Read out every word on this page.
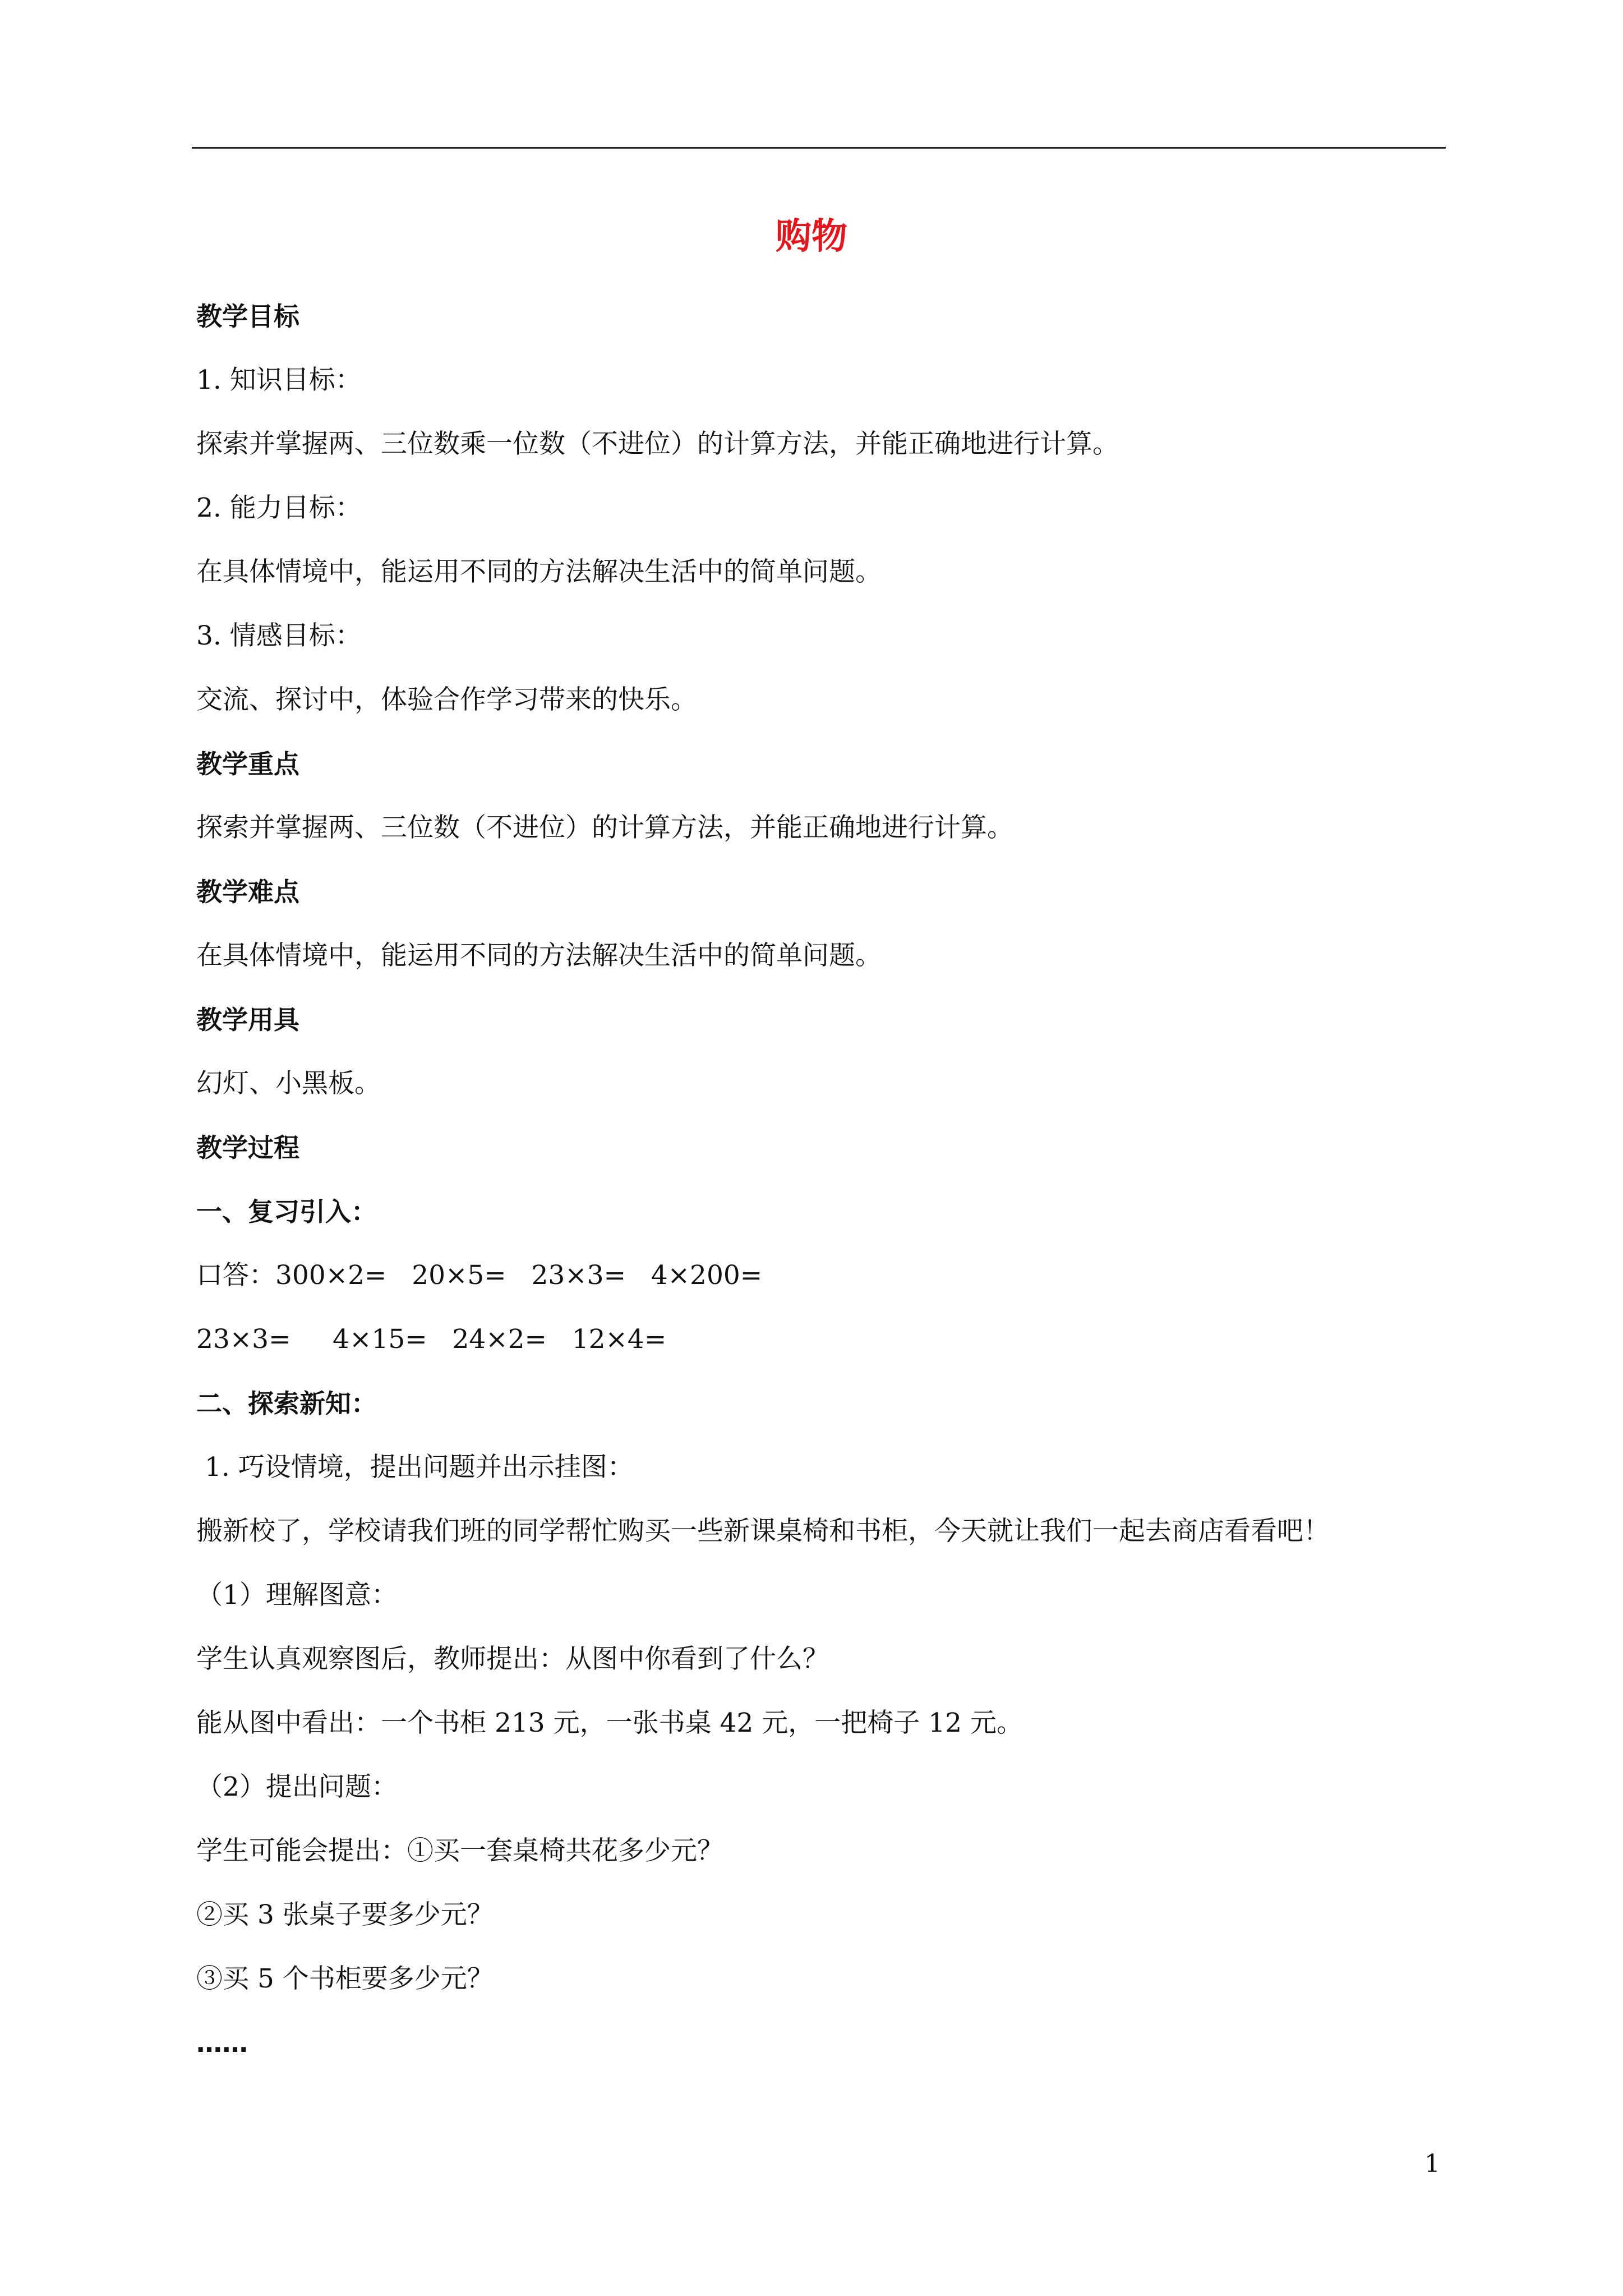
购物
教学目标
1. 知识目标：
探索并掌握两、三位数乘一位数（不进位）的计算方法，并能正确地进行计算。
2. 能力目标：
在具体情境中，能运用不同的方法解决生活中的简单问题。
3. 情感目标：
交流、探讨中，体验合作学习带来的快乐。
教学重点
探索并掌握两、三位数（不进位）的计算方法，并能正确地进行计算。
教学难点
在具体情境中，能运用不同的方法解决生活中的简单问题。
教学用具
幻灯、小黑板。
教学过程
一、复习引入：
口答：300×2=   20×5=   23×3=   4×200=
23×3=     4×15=   24×2=   12×4=
二、探索新知：
1. 巧设情境，提出问题并出示挂图：
搬新校了，学校请我们班的同学帮忙购买一些新课桌椅和书柜，今天就让我们一起去商店看看吧！
（1）理解图意：
学生认真观察图后，教师提出：从图中你看到了什么？
能从图中看出：一个书柜 213 元，一张书桌 42 元，一把椅子 12 元。
（2）提出问题：
学生可能会提出：①买一套桌椅共花多少元？
②买 3 张桌子要多少元？
③买 5 个书柜要多少元？
……
1
